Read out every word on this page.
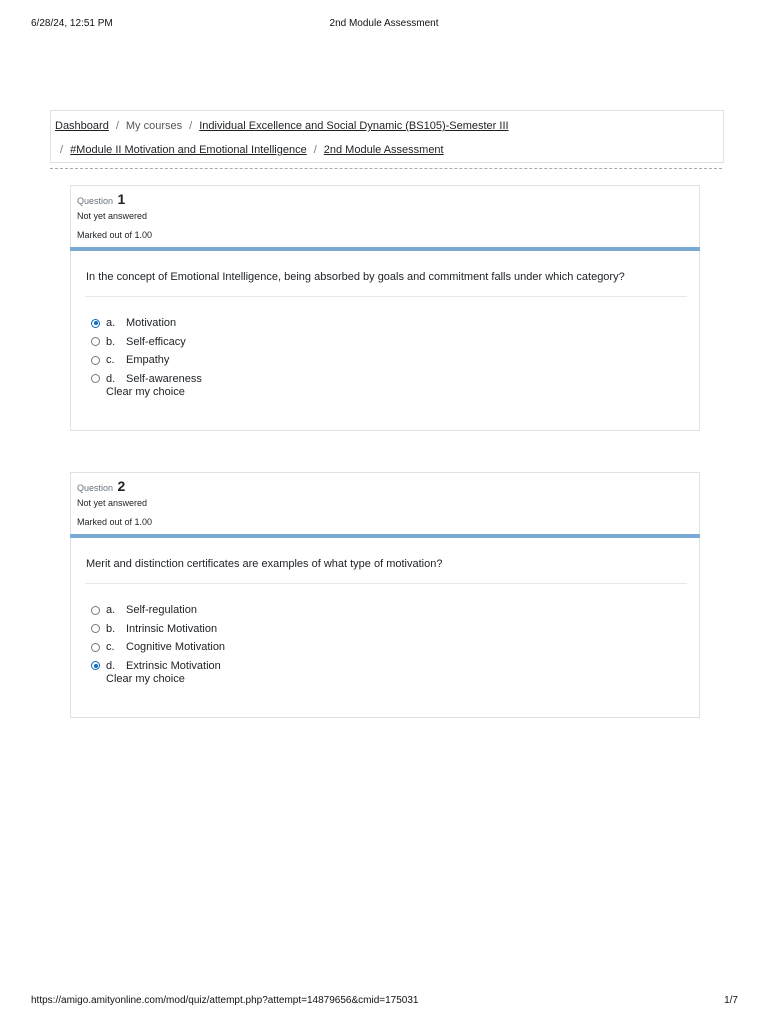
6/28/24, 12:51 PM	2nd Module Assessment
Dashboard / My courses / Individual Excellence and Social Dynamic (BS105)-Semester III
/ #Module II Motivation and Emotional Intelligence / 2nd Module Assessment
Question 1
Not yet answered
Marked out of 1.00
In the concept of Emotional Intelligence, being absorbed by goals and commitment falls under which category?
a. Motivation
b. Self-efficacy
c.	Empathy
d. Self-awareness
Clear my choice
Question 2
Not yet answered
Marked out of 1.00
Merit and distinction certificates are examples of what type of motivation?
a. Self-regulation
b. Intrinsic Motivation
c.	Cognitive Motivation
d. Extrinsic Motivation
Clear my choice
https://amigo.amityonline.com/mod/quiz/attempt.php?attempt=14879656&cmid=175031	1/7
